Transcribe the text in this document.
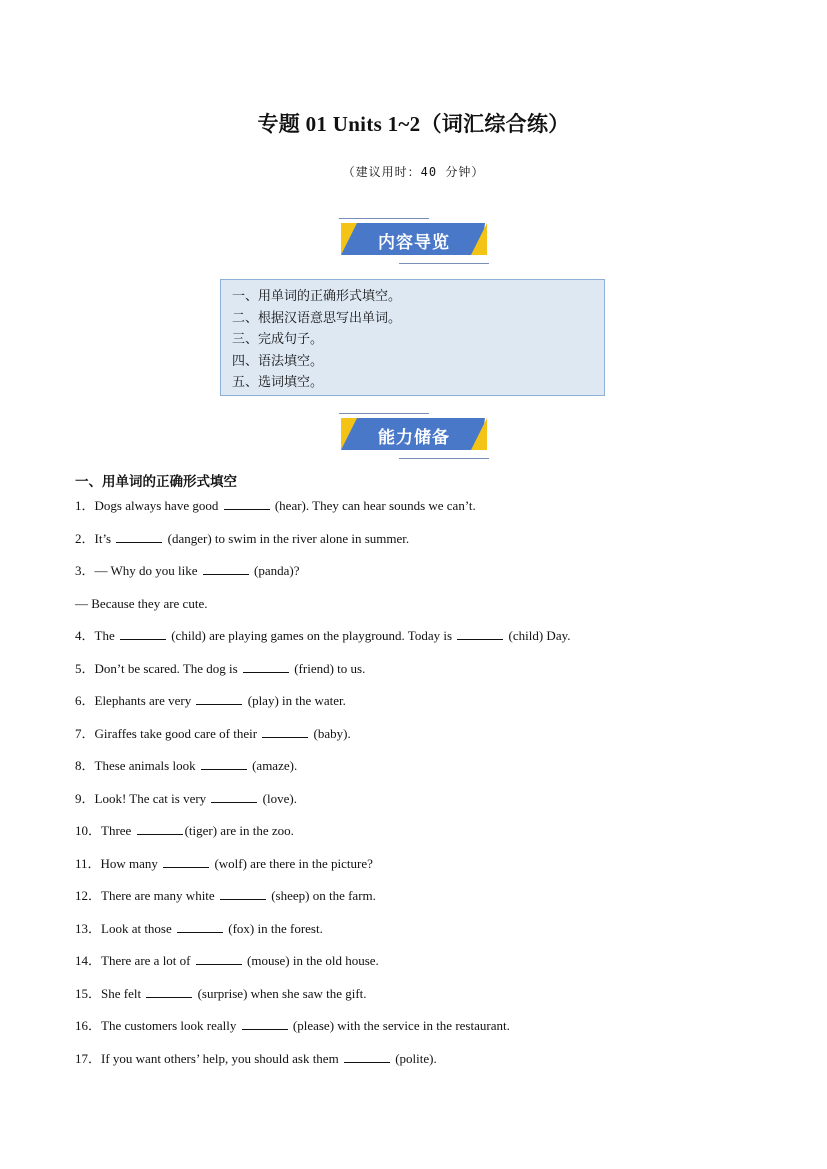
专题 01 Units 1~2（词汇综合练）
（建议用时：40 分钟）
内容导览
一、用单词的正确形式填空。
二、根据汉语意思写出单词。
三、完成句子。
四、语法填空。
五、选词填空。
能力储备
一、用单词的正确形式填空
1．Dogs always have good	(hear). They can hear sounds we can’t.
2．It’s	(danger) to swim in the river alone in summer.
3．— Why do you like	(panda)?
— Because they are cute.
4．The	(child) are playing games on the playground. Today is	(child) Day.
5．Don’t be scared. The dog is	(friend) to us.
6．Elephants are very	(play) in the water.
7．Giraffes take good care of their	(baby).
8．These animals look	(amaze).
9．Look! The cat is very	(love).
10．Three	(tiger) are in the zoo.
11．How many	(wolf) are there in the picture?
12．There are many white	(sheep) on the farm.
13．Look at those	(fox) in the forest.
14．There are a lot of	(mouse) in the old house.
15．She felt	(surprise) when she saw the gift.
16．The customers look really	(please) with the service in the restaurant.
17．If you want others’ help, you should ask them	(polite).
